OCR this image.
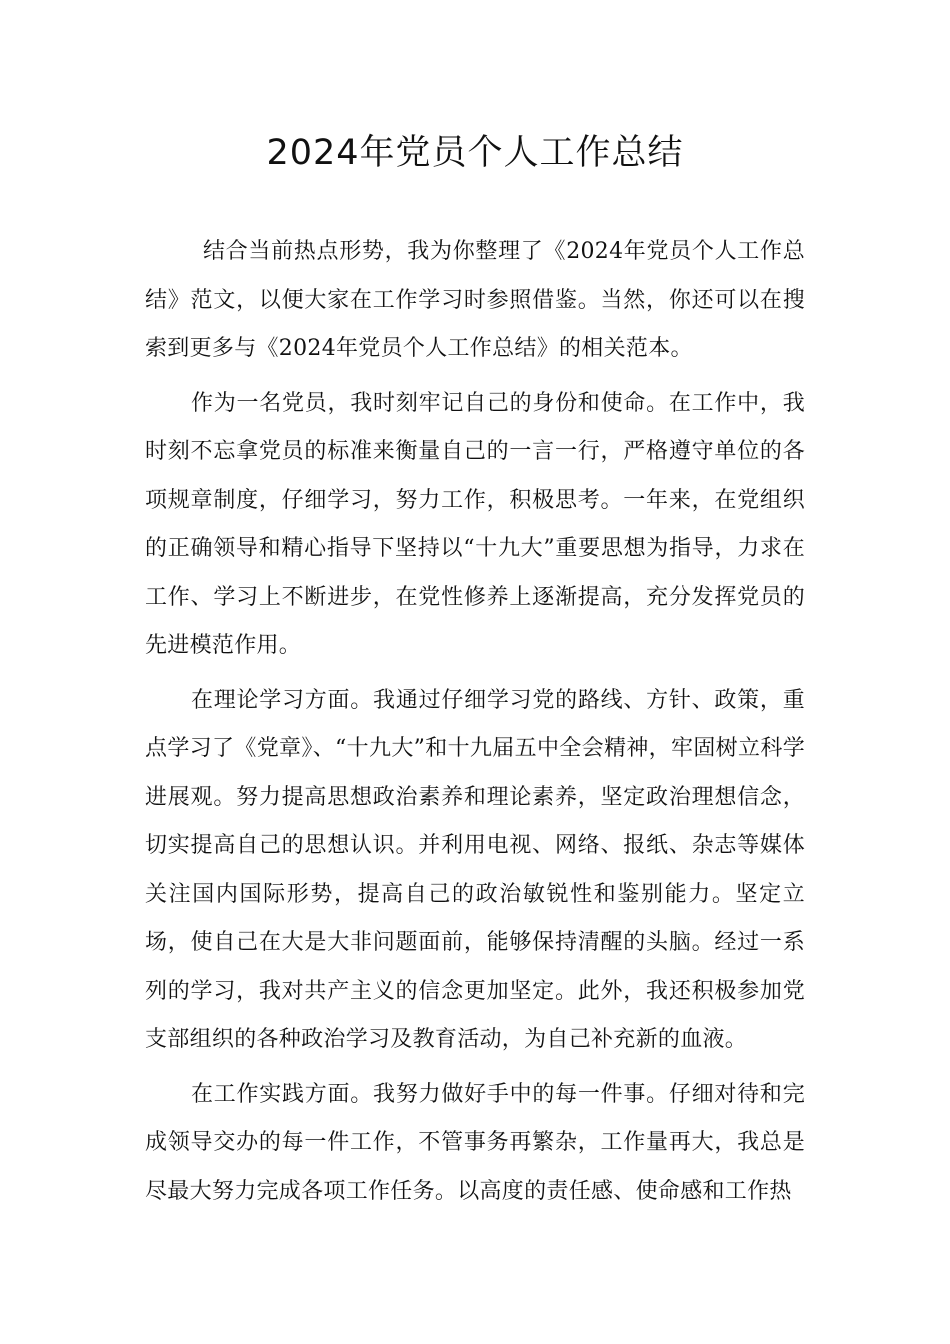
2024年党员个人工作总结

结合当前热点形势，我为你整理了《2024年党员个人工作总结》范文，以便大家在工作学习时参照借鉴。当然，你还可以在搜索到更多与《2024年党员个人工作总结》的相关范本。

作为一名党员，我时刻牢记自己的身份和使命。在工作中，我时刻不忘拿党员的标准来衡量自己的一言一行，严格遵守单位的各项规章制度，仔细学习，努力工作，积极思考。一年来，在党组织的正确领导和精心指导下坚持以“十九大”重要思想为指导，力求在工作、学习上不断进步，在党性修养上逐渐提高，充分发挥党员的先进模范作用。

在理论学习方面。我通过仔细学习党的路线、方针、政策，重点学习了《党章》、“十九大”和十九届五中全会精神，牢固树立科学进展观。努力提高思想政治素养和理论素养，坚定政治理想信念，切实提高自己的思想认识。并利用电视、网络、报纸、杂志等媒体关注国内国际形势，提高自己的政治敏锐性和鉴别能力。坚定立场，使自己在大是大非问题面前，能够保持清醒的头脑。经过一系列的学习，我对共产主义的信念更加坚定。此外，我还积极参加党支部组织的各种政治学习及教育活动，为自己补充新的血液。

在工作实践方面。我努力做好手中的每一件事。仔细对待和完成领导交办的每一件工作，不管事务再繁杂，工作量再大，我总是尽最大努力完成各项工作任务。以高度的责任感、使命感和工作热
